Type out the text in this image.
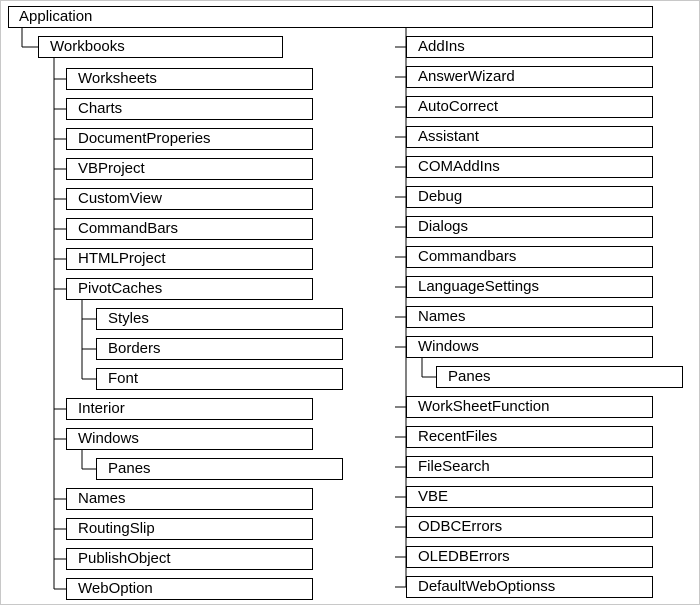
Application
Workbooks
Worksheets
Charts
DocumentProperies
VBProject
CustomView
CommandBars
HTMLProject
PivotCaches
Styles
Borders
Font
Interior
Windows
Panes
Names
RoutingSlip
PublishObject
WebOption
AddIns
AnswerWizard
AutoCorrect
Assistant
COMAddIns
Debug
Dialogs
Commandbars
LanguageSettings
Names
Windows
Panes
WorkSheetFunction
RecentFiles
FileSearch
VBE
ODBCErrors
OLEDBErrors
DefaultWebOptionss
